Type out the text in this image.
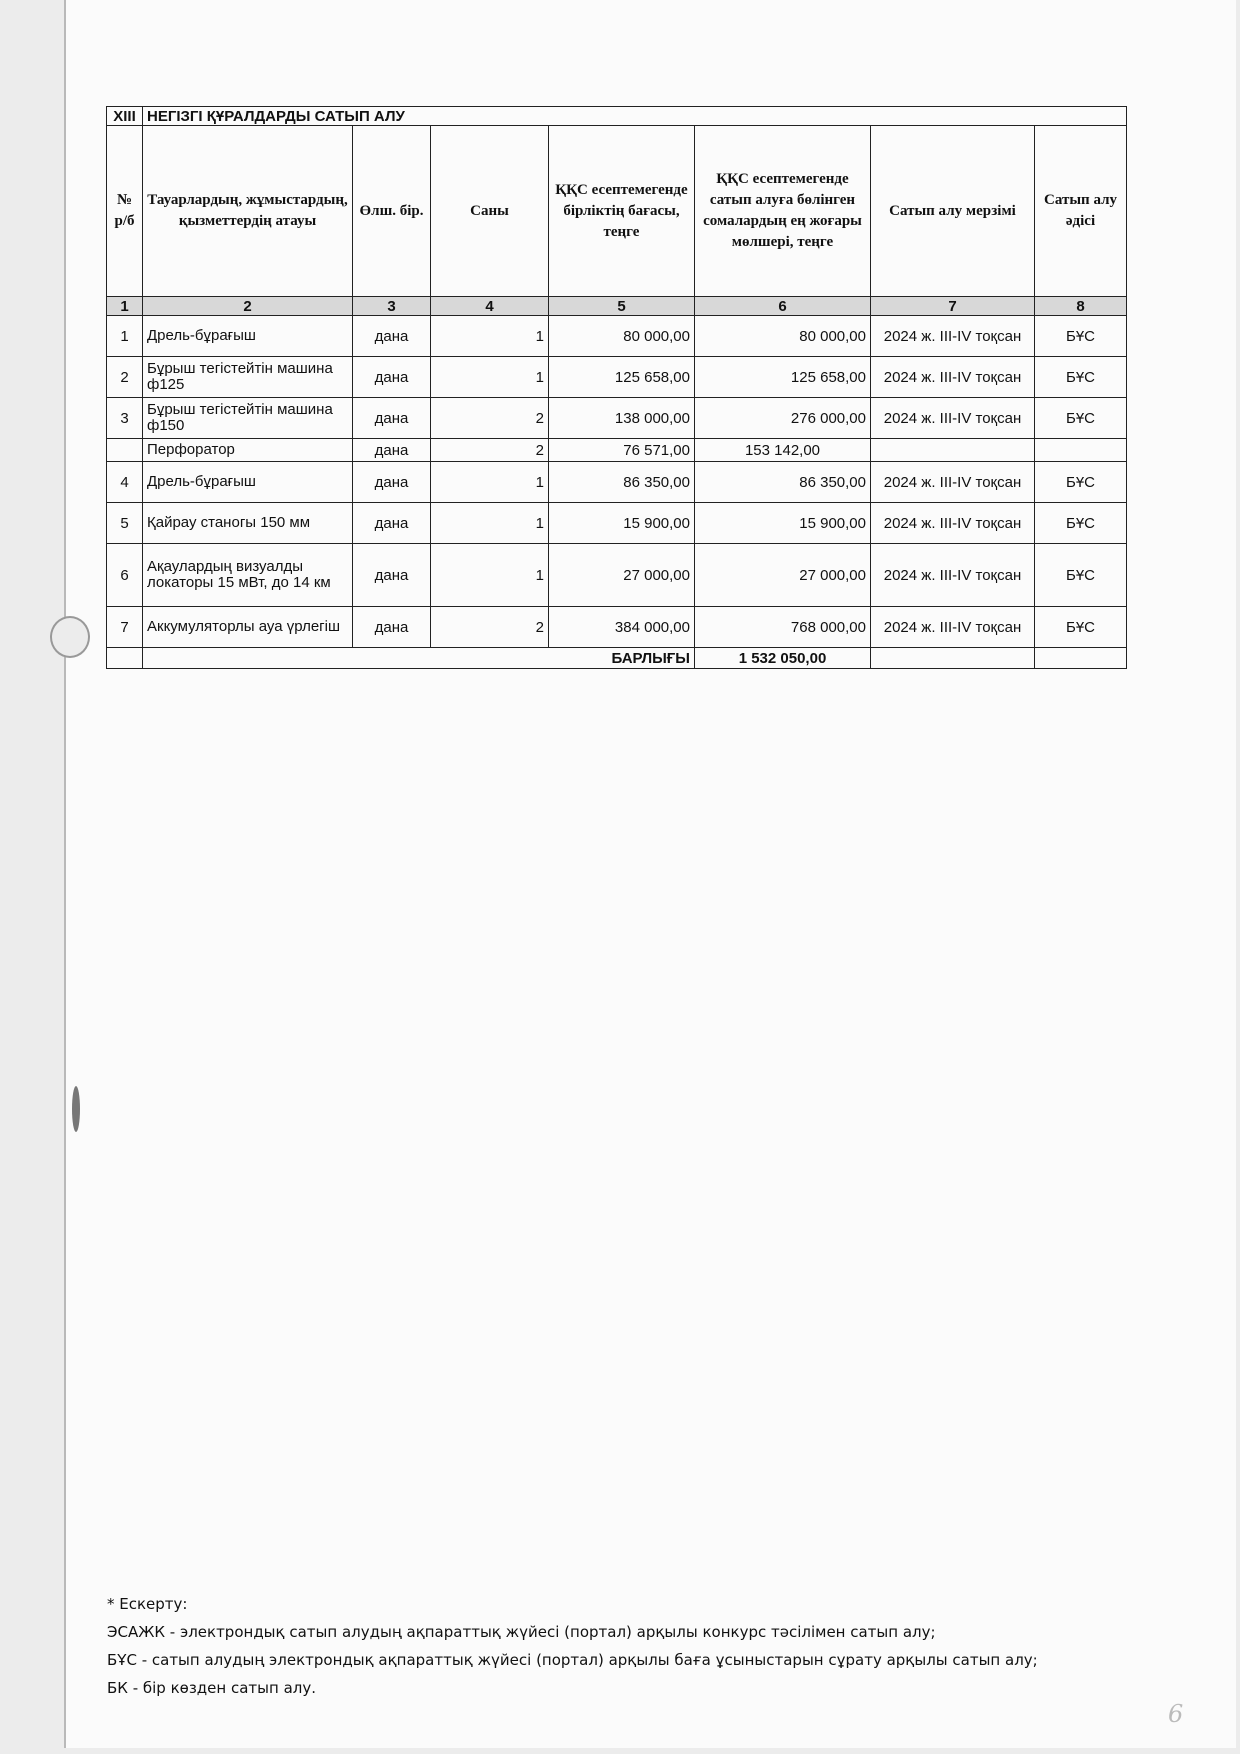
XIII	НЕГІЗГІ ҚҰРАЛДАРДЫ САТЫП АЛУ						
№ р/б	Тауарлардың, жұмыстардың, қызметтердің атауы	Өлш. бір.	Саны	ҚҚС есептемегенде бірліктің бағасы, теңге	ҚҚС есептемегенде сатып алуға бөлінген сомалардың ең жоғары мөлшері, теңге	Сатып алу мерзімі	Сатып алу әдісі
1	2	3	4	5	6	7	8
1	Дрель-бұрағыш	дана	1	80 000,00	80 000,00	2024 ж. III-IV тоқсан	БҰС
2	Бұрыш тегістейтін машина ф125	дана	1	125 658,00	125 658,00	2024 ж. III-IV тоқсан	БҰС
3	Бұрыш тегістейтін машина ф150	дана	2	138 000,00	276 000,00	2024 ж. III-IV тоқсан	БҰС
	Перфоратор	дана	2	76 571,00	153 142,00		
4	Дрель-бұрағыш	дана	1	86 350,00	86 350,00	2024 ж. III-IV тоқсан	БҰС
5	Қайрау станогы 150 мм	дана	1	15 900,00	15 900,00	2024 ж. III-IV тоқсан	БҰС
6	Ақаулардың визуалды локаторы 15 мВт, до 14 км	дана	1	27 000,00	27 000,00	2024 ж. III-IV тоқсан	БҰС
7	Аккумуляторлы ауа үрлегіш	дана	2	384 000,00	768 000,00	2024 ж. III-IV тоқсан	БҰС
	БАРЛЫҒЫ				1 532 050,00		
* Ескерту:
ЭСАЖК - электрондық сатып алудың ақпараттық жүйесі (портал) арқылы конкурс тәсілімен сатып алу;
БҰС - сатып алудың электрондық ақпараттық жүйесі (портал) арқылы баға ұсыныстарын сұрату арқылы сатып алу;
БК - бір көзден сатып алу.
6
